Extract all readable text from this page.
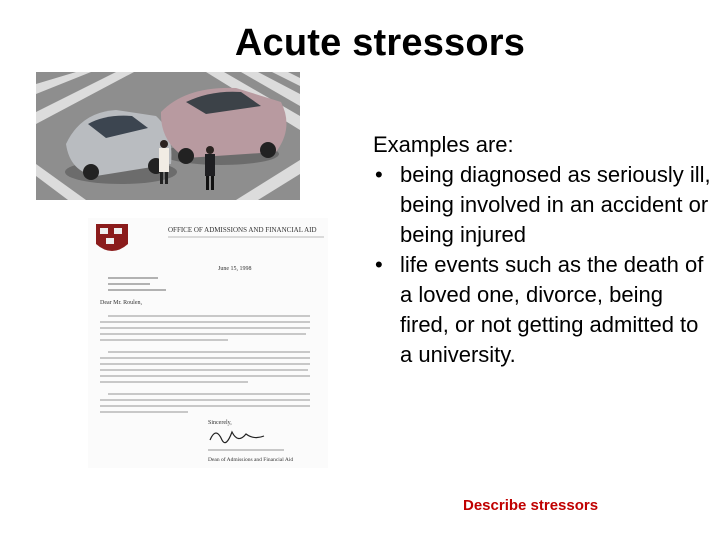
Acute stressors
OFFICE OF ADMISSIONS AND FINANCIAL AID
June 15, 1998
Dear Mr. Roulen,
Sincerely,
Dean of Admissions and Financial Aid
Examples are:
• being diagnosed as seriously ill, being involved in an accident or being injured
• life events such as the death of a loved one, divorce, being fired, or not getting admitted to a university.
Describe stressors
